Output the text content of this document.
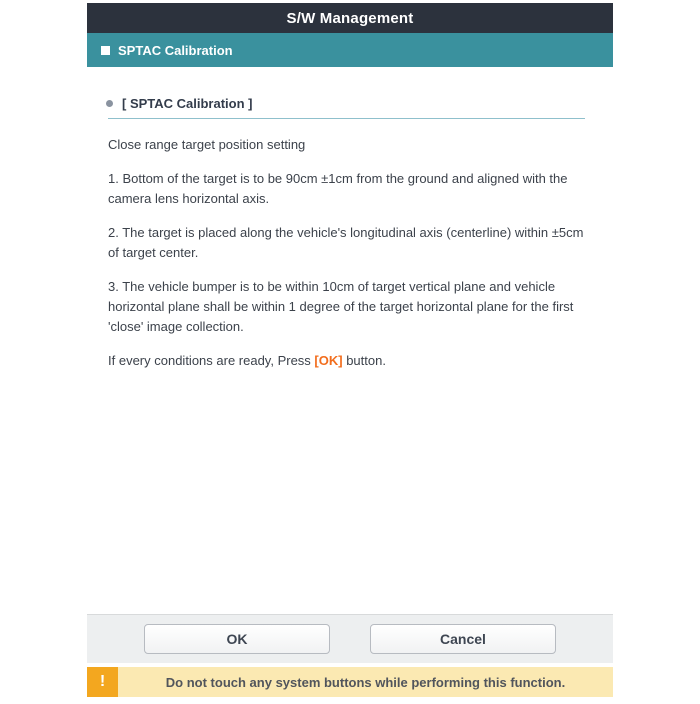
S/W Management
SPTAC Calibration
[ SPTAC Calibration ]

Close range target position setting

1. Bottom of the target is to be 90cm ±1cm from the ground and aligned with the camera lens horizontal axis.

2. The target is placed along the vehicle's longitudinal axis (centerline) within ±5cm of target center.

3. The vehicle bumper is to be within 10cm of target vertical plane and vehicle horizontal plane shall be within 1 degree of the target horizontal plane for the first 'close' image collection.

If every conditions are ready, Press [OK] button.

OK	Cancel
!	Do not touch any system buttons while performing this function.
